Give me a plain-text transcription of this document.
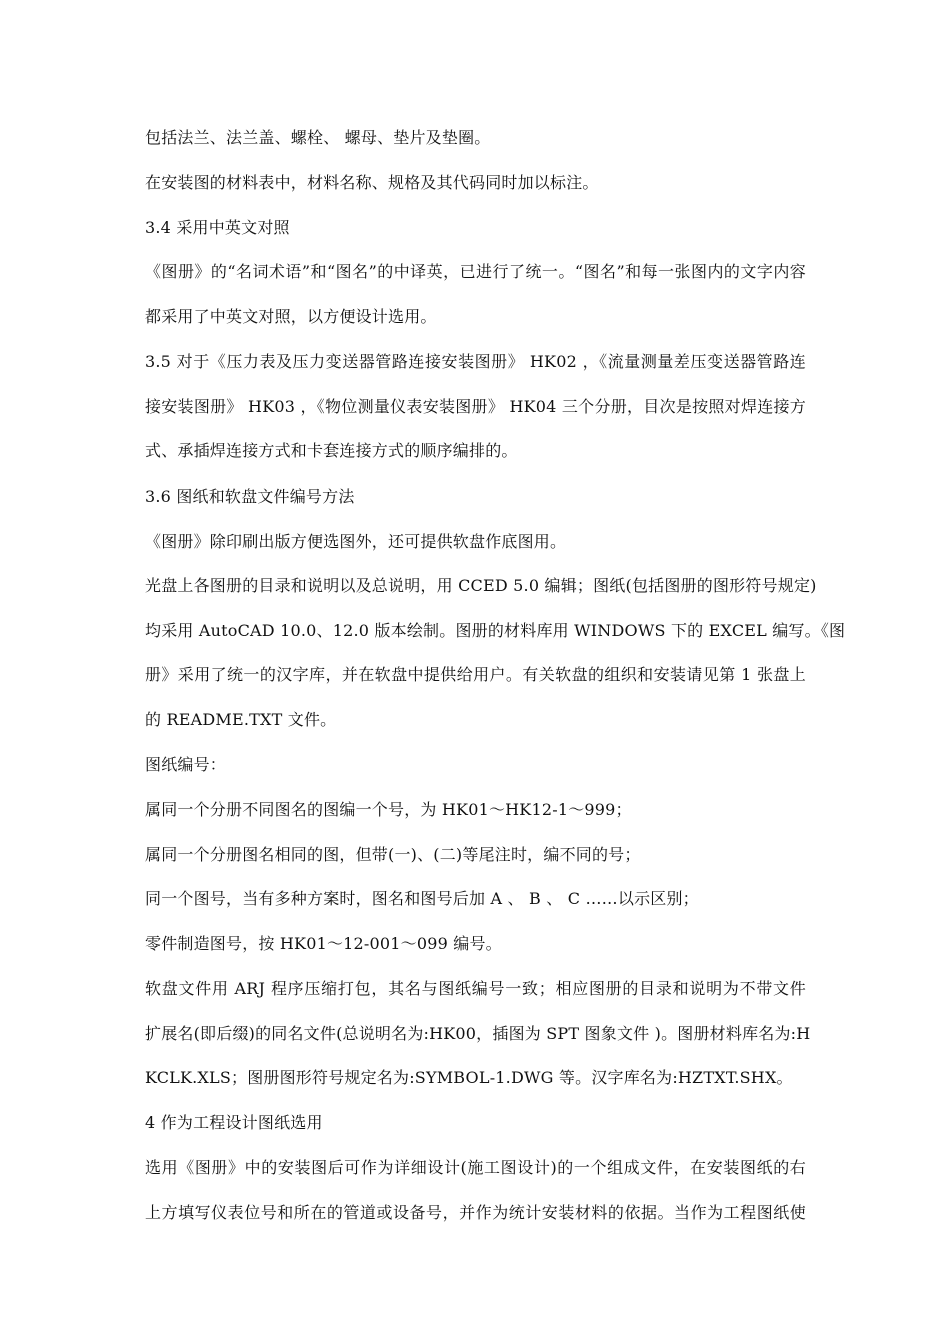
包括法兰、法兰盖、螺栓、 螺母、垫片及垫圈。
在安装图的材料表中，材料名称、规格及其代码同时加以标注。
3.4 采用中英文对照
《图册》的“名词术语”和“图名”的中译英，已进行了统一。“图名”和每一张图内的文字内容
都采用了中英文对照，以方便设计选用。
3.5 对于《压力表及压力变送器管路连接安装图册》 HK02 ，《流量测量差压变送器管路连
接安装图册》 HK03 ，《物位测量仪表安装图册》 HK04 三个分册，目次是按照对焊连接方
式、承插焊连接方式和卡套连接方式的顺序编排的。
3.6 图纸和软盘文件编号方法
《图册》除印刷出版方便选图外，还可提供软盘作底图用。
光盘上各图册的目录和说明以及总说明，用 CCED 5.0 编辑；图纸(包括图册的图形符号规定)
均采用 AutoCAD 10.0、12.0 版本绘制。图册的材料库用 WINDOWS 下的 EXCEL 编写。《图
册》采用了统一的汉字库，并在软盘中提供给用户。有关软盘的组织和安装请见第 1 张盘上
的 README.TXT 文件。
图纸编号：
属同一个分册不同图名的图编一个号，为 HK01～HK12-1～999；
属同一个分册图名相同的图，但带(一)、(二)等尾注时，编不同的号；
同一个图号，当有多种方案时，图名和图号后加 A 、 B 、 C ……以示区别；
零件制造图号，按 HK01～12-001～099 编号。
软盘文件用 ARJ 程序压缩打包，其名与图纸编号一致；相应图册的目录和说明为不带文件
扩展名(即后缀)的同名文件(总说明名为:HK00，插图为 SPT 图象文件 )。图册材料库名为:H
KCLK.XLS；图册图形符号规定名为:SYMBOL-1.DWG 等。汉字库名为:HZTXT.SHX。
4 作为工程设计图纸选用
选用《图册》中的安装图后可作为详细设计(施工图设计)的一个组成文件，在安装图纸的右
上方填写仪表位号和所在的管道或设备号，并作为统计安装材料的依据。当作为工程图纸使
